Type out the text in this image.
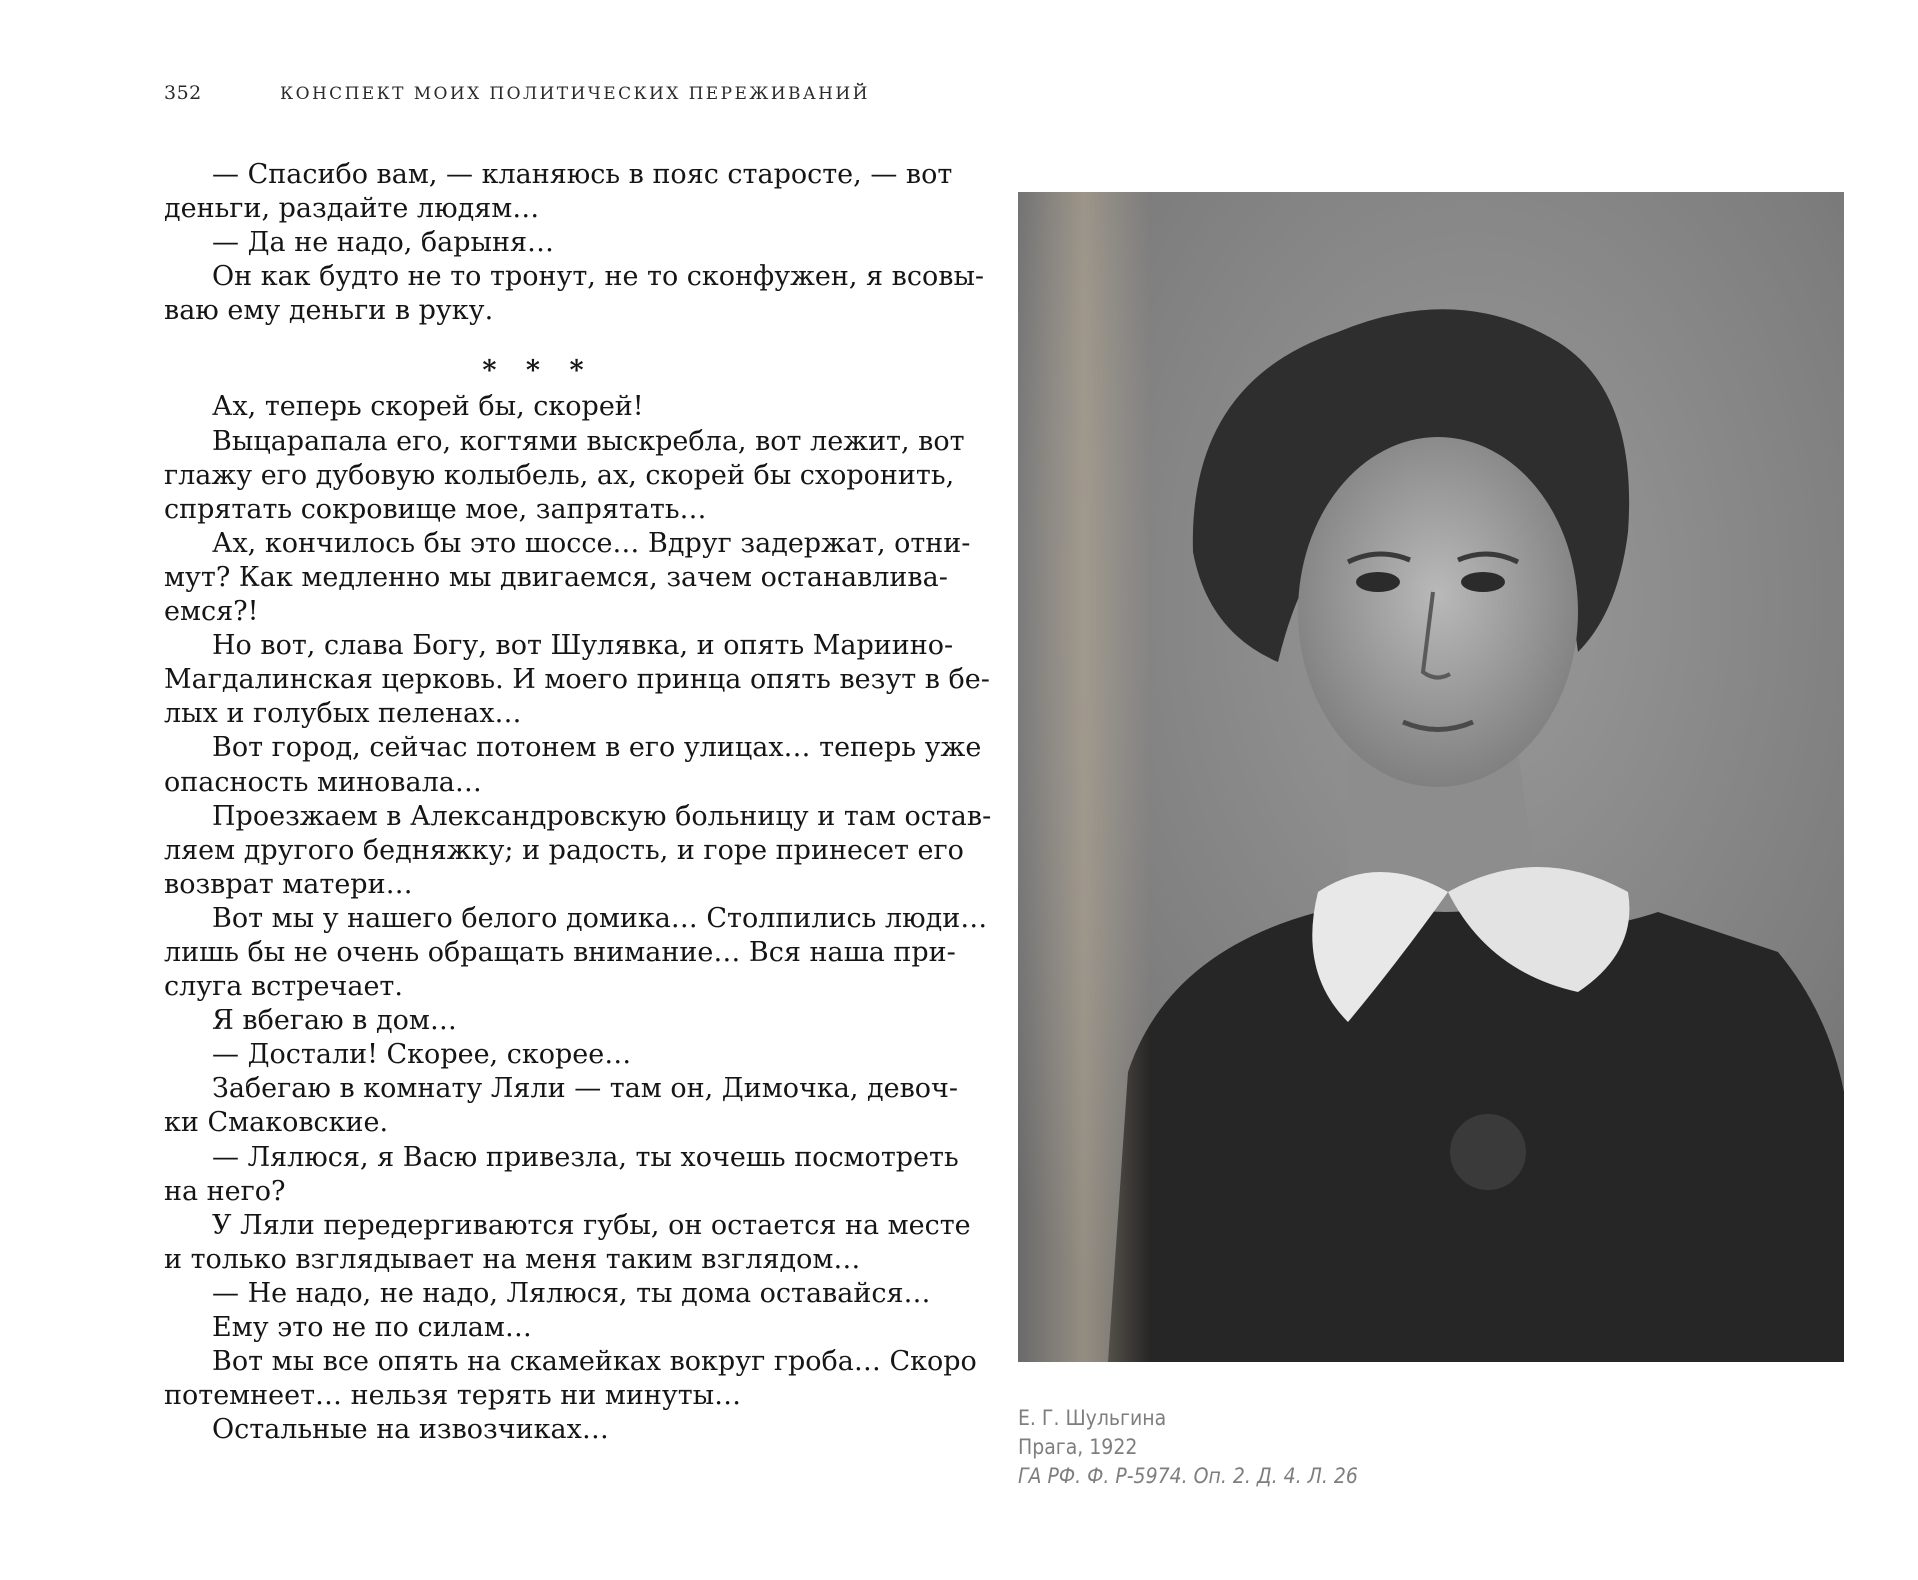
352	КОНСПЕКТ МОИХ ПОЛИТИЧЕСКИХ ПЕРЕЖИВАНИЙ
— Спасибо вам, — кланяюсь в пояс старосте, — вот
деньги, раздайте людям…
— Да не надо, барыня…
Он как будто не то тронут, не то сконфужен, я всовы-
ваю ему деньги в руку.
* * *
Ах, теперь скорей бы, скорей!
Выцарапала его, когтями выскребла, вот лежит, вот
глажу его дубовую колыбель, ах, скорей бы схоронить,
спрятать сокровище мое, запрятать…
Ах, кончилось бы это шоссе… Вдруг задержат, отни-
мут? Как медленно мы двигаемся, зачем останавлива-
емся?!
Но вот, слава Богу, вот Шулявка, и опять Мариино-
Магдалинская церковь. И моего принца опять везут в бе-
лых и голубых пеленах…
Вот город, сейчас потонем в его улицах… теперь уже
опасность миновала…
Проезжаем в Александровскую больницу и там остав-
ляем другого бедняжку; и радость, и горе принесет его
возврат матери…
Вот мы у нашего белого домика… Столпились люди…
лишь бы не очень обращать внимание… Вся наша при-
слуга встречает.
Я вбегаю в дом…
— Достали! Скорее, скорее…
Забегаю в комнату Ляли — там он, Димочка, девоч-
ки Смаковские.
— Лялюся, я Васю привезла, ты хочешь посмотреть
на него?
У Ляли передергиваются губы, он остается на месте
и только взглядывает на меня таким взглядом…
— Не надо, не надо, Лялюся, ты дома оставайся…
Ему это не по силам…
Вот мы все опять на скамейках вокруг гроба… Скоро
потемнеет… нельзя терять ни минуты…
Остальные на извозчиках…	Е. Г. Шульгина
Прага, 1922
ГА РФ. Ф. Р-5974. Оп. 2. Д. 4. Л. 26
